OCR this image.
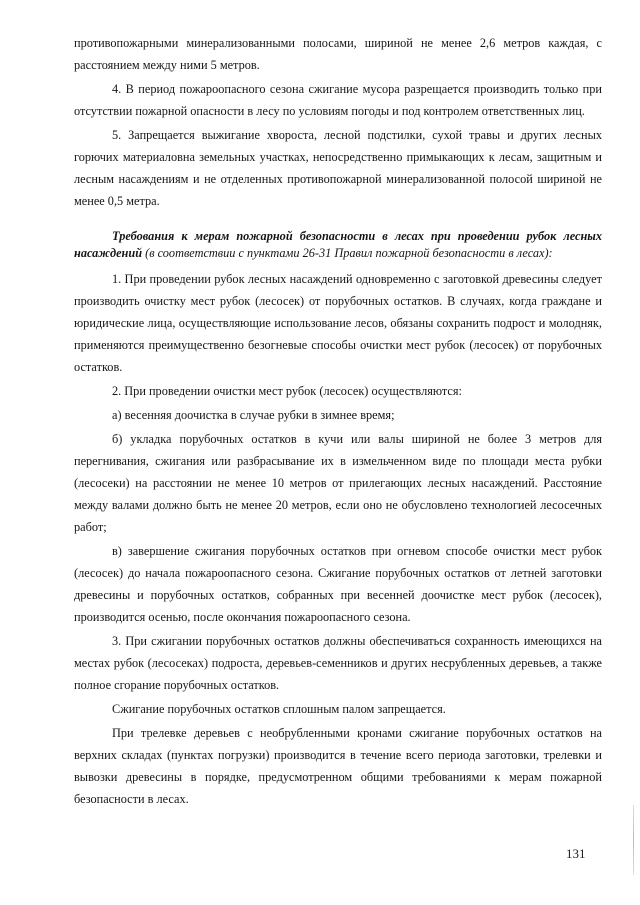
противопожарными минерализованными полосами, шириной не менее 2,6 метров каждая, с расстоянием между ними 5 метров.

4. В период пожароопасного сезона сжигание мусора разрещается производить только при отсутствии пожарной опасности в лесу по условиям погоды и под контролем ответственных лиц.

5. Запрещается выжигание хвороста, лесной подстилки, сухой травы и других лесных горючих материаловна земельных участках, непосредственно примыкающих к лесам, защитным и лесным насаждениям и не отделенных противопожарной минерализованной полосой шириной не менее 0,5 метра.

Требования к мерам пожарной безопасности в лесах при проведении рубок лесных насаждений (в соответствии с пунктами 26-31 Правил пожарной безопасности в лесах):

1. При проведении рубок лесных насаждений одновременно с заготовкой древесины следует производить очистку мест рубок (лесосек) от порубочных остатков. В случаях, когда граждане и юридические лица, осуществляющие использование лесов, обязаны сохранить подрост и молодняк, применяются преимущественно безогневые способы очистки мест рубок (лесосек) от порубочных остатков.

2. При проведении очистки мест рубок (лесосек) осуществляются:

а) весенняя доочистка в случае рубки в зимнее время;

б) укладка порубочных остатков в кучи или валы шириной не более 3 метров для перегнивания, сжигания или разбрасывание их в измельченном виде по площади места рубки (лесосеки) на расстоянии не менее 10 метров от прилегающих лесных насаждений. Расстояние между валами должно быть не менее 20 метров, если оно не обусловлено технологией лесосечных работ;

в) завершение сжигания порубочных остатков при огневом способе очистки мест рубок (лесосек) до начала пожароопасного сезона. Сжигание порубочных остатков от летней заготовки древесины и порубочных остатков, собранных при весенней доочистке мест рубок (лесосек), производится осенью, после окончания пожароопасного сезона.

3. При сжигании порубочных остатков должны обеспечиваться сохранность имеющихся на местах рубок (лесосеках) подроста, деревьев-семенников и других несрубленных деревьев, а также полное сгорание порубочных остатков.

Сжигание порубочных остатков сплошным палом запрещается.

При трелевке деревьев с необрубленными кронами сжигание порубочных остатков на верхних складах (пунктах погрузки) производится в течение всего периода заготовки, трелевки и вывозки древесины в порядке, предусмотренном общими требованиями к мерам пожарной безопасности в лесах.

131
